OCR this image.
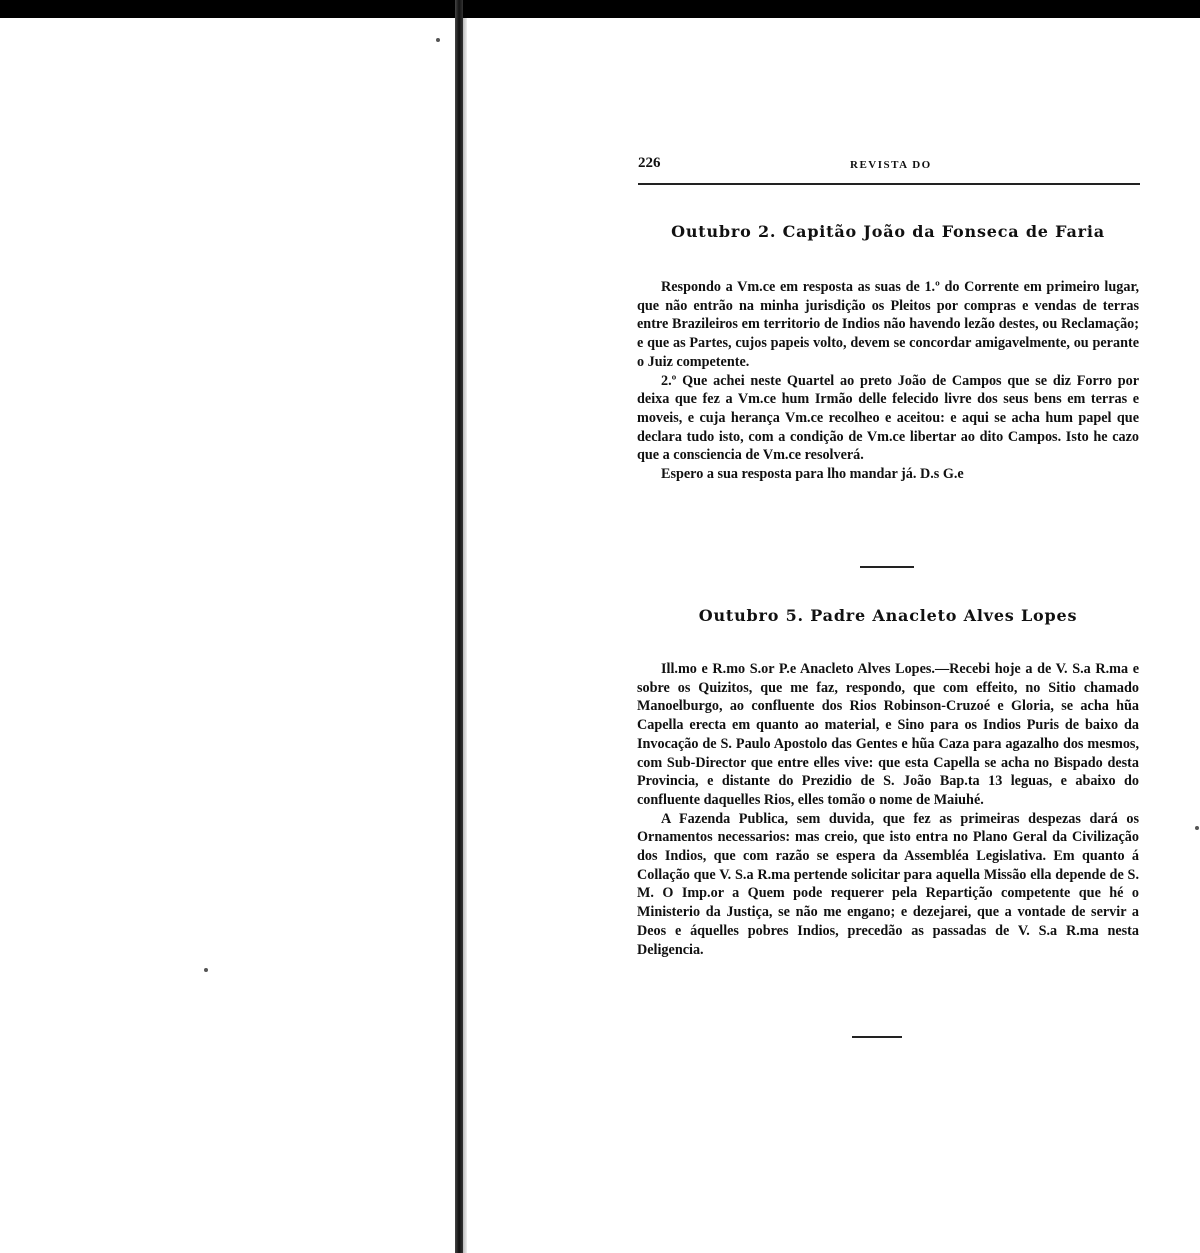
226	REVISTA DO
Outubro 2. Capitão João da Fonseca de Faria

Respondo a Vm.ce em resposta as suas de 1.º do Corrente em primeiro lugar, que não entrão na minha jurisdição os Pleitos por compras e vendas de terras entre Brazileiros em territorio de Indios não havendo lezão destes, ou Reclamação; e que as Partes, cujos papeis volto, devem se concordar amigavelmente, ou perante o Juiz competente.

2.º Que achei neste Quartel ao preto João de Campos que se diz Forro por deixa que fez a Vm.ce hum Irmão delle felecido livre dos seus bens em terras e moveis, e cuja herança Vm.ce recolheo e aceitou: e aqui se acha hum papel que declara tudo isto, com a condição de Vm.ce libertar ao dito Campos. Isto he cazo que a consciencia de Vm.ce resolverá.

Espero a sua resposta para lho mandar já. D.s G.e

Outubro 5. Padre Anacleto Alves Lopes

Ill.mo e R.mo S.or P.e Anacleto Alves Lopes.—Recebi hoje a de V. S.a R.ma e sobre os Quizitos, que me faz, respondo, que com effeito, no Sitio chamado Manoelburgo, ao confluente dos Rios Robinson-Cruzoé e Gloria, se acha hũa Capella erecta em quanto ao material, e Sino para os Indios Puris de baixo da Invocação de S. Paulo Apostolo das Gentes e hũa Caza para agazalho dos mesmos, com Sub-Director que entre elles vive: que esta Capella se acha no Bispado desta Provincia, e distante do Prezidio de S. João Bap.ta 13 leguas, e abaixo do confluente daquelles Rios, elles tomão o nome de Maiuhé.

A Fazenda Publica, sem duvida, que fez as primeiras despezas dará os Ornamentos necessarios: mas creio, que isto entra no Plano Geral da Civilização dos Indios, que com razão se espera da Assembléa Legislativa. Em quanto á Collação que V. S.a R.ma pertende solicitar para aquella Missão ella depende de S. M. O Imp.or a Quem pode requerer pela Repartição competente que hé o Ministerio da Justiça, se não me engano; e dezejarei, que a vontade de servir a Deos e áquelles pobres Indios, precedão as passadas de V. S.a R.ma nesta Deligencia.
